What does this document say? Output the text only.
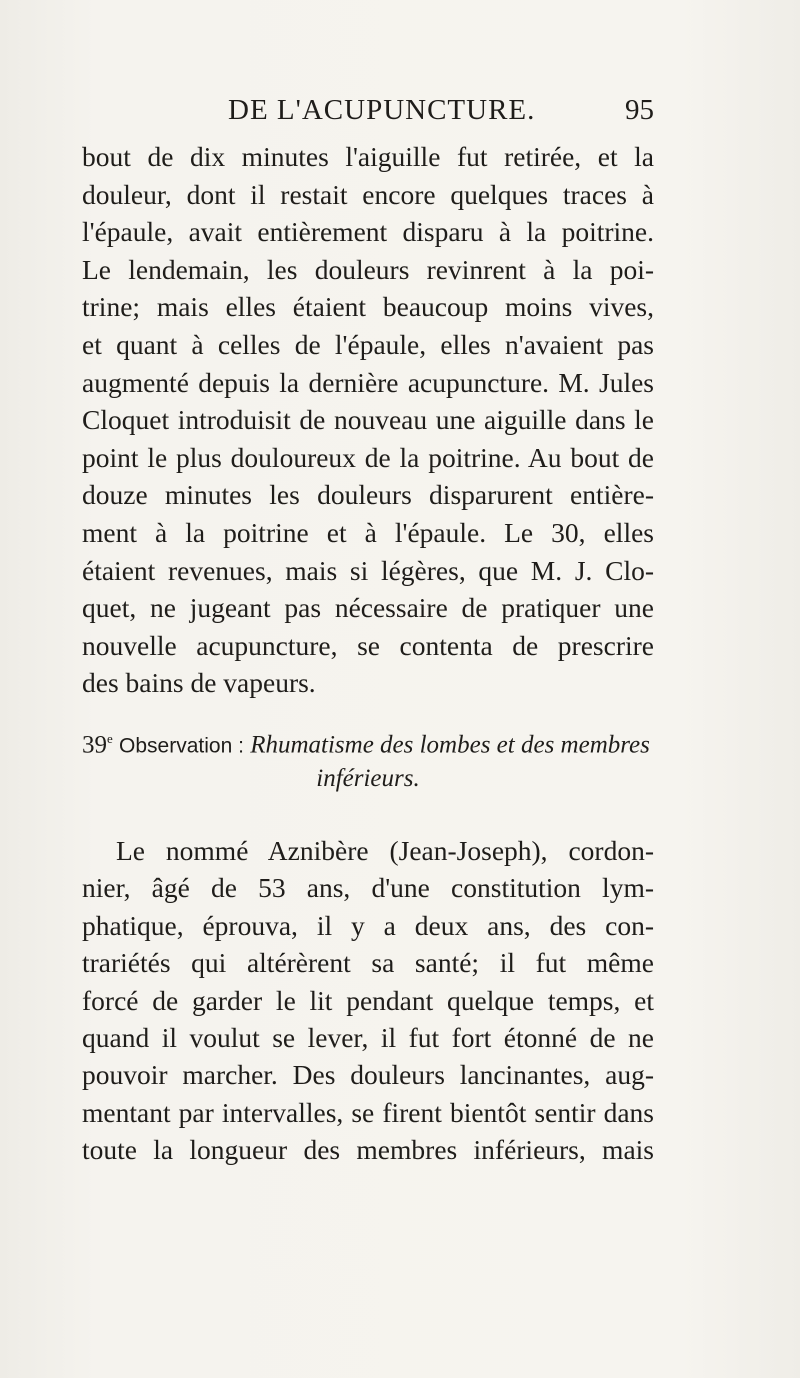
DE L'ACUPUNCTURE.	95
bout de dix minutes l'aiguille fut retirée, et la
douleur, dont il restait encore quelques traces à
l'épaule, avait entièrement disparu à la poitrine.
Le lendemain, les douleurs revinrent à la poi-
trine; mais elles étaient beaucoup moins vives,
et quant à celles de l'épaule, elles n'avaient pas
augmenté depuis la dernière acupuncture. M. Jules
Cloquet introduisit de nouveau une aiguille dans le
point le plus douloureux de la poitrine. Au bout de
douze minutes les douleurs disparurent entière-
ment à la poitrine et à l'épaule. Le 30, elles
étaient revenues, mais si légères, que M. J. Clo-
quet, ne jugeant pas nécessaire de pratiquer une
nouvelle acupuncture, se contenta de prescrire
des bains de vapeurs.
39e Observation : Rhumatisme des lombes et des membres
inférieurs.
Le nommé Aznibère (Jean-Joseph), cordon-
nier, âgé de 53 ans, d'une constitution lym-
phatique, éprouva, il y a deux ans, des con-
trariétés qui altérèrent sa santé; il fut même
forcé de garder le lit pendant quelque temps, et
quand il voulut se lever, il fut fort étonné de ne
pouvoir marcher. Des douleurs lancinantes, aug-
mentant par intervalles, se firent bientôt sentir dans
toute la longueur des membres inférieurs, mais
